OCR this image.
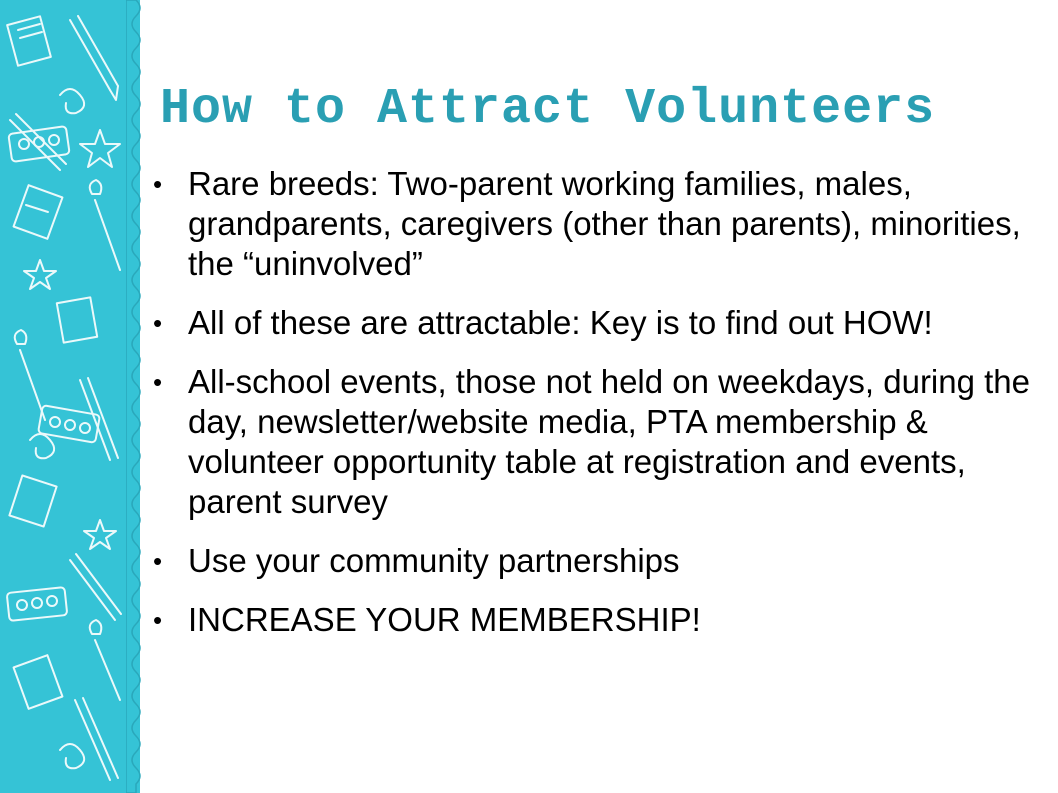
How to Attract Volunteers
• Rare breeds: Two-parent working families, males, grandparents, caregivers (other than parents), minorities, the “uninvolved”
• All of these are attractable: Key is to find out HOW!
• All-school events, those not held on weekdays, during the day, newsletter/website media, PTA membership & volunteer opportunity table at registration and events, parent survey
• Use your community partnerships
• INCREASE YOUR MEMBERSHIP!
